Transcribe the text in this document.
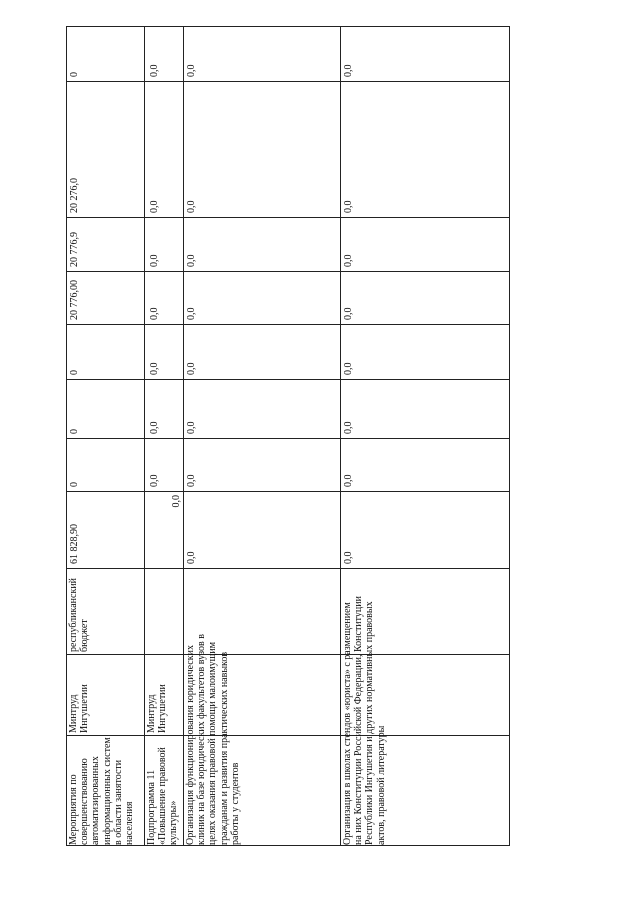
Мероприятия по совершенствованию автоматизированных информационных систем в области занятости населения
Минтруд Ингушетии
республиканский бюджет
61 828,90
0
0
0
20 776,00
20 776,9
20 276,0
0
Подпрограмма 11 «Повышение правовой культуры»
Минтруд Ингушетии
0,0
0,0
0,0
0,0
0,0
0,0
0,0
0,0
Организация функционирования юридических клиник на базе юридических факультетов вузов в целях оказания правовой помощи малоимущим гражданам и развития практических навыков работы у студентов
0,0
0,0
0,0
0,0
0,0
0,0
0,0
0,0
Организация в школах стендов «юриста» с размещением на них Конституции Российской Федерации, Конституции Республики Ингушетия и других нормативных правовых актов, правовой литературы
0,0
0,0
0,0
0,0
0,0
0,0
0,0
0,0
